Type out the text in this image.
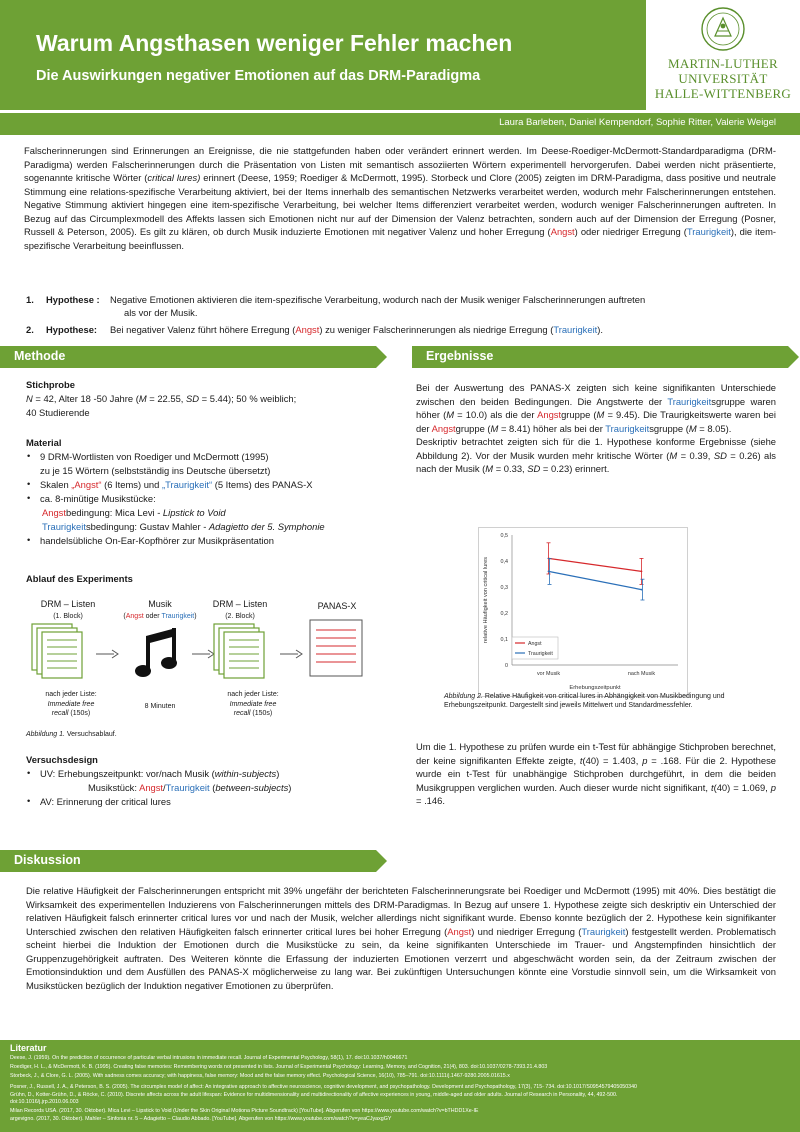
Warum Angsthasen weniger Fehler machen
Die Auswirkungen negativer Emotionen auf das DRM-Paradigma
MARTIN-LUTHER
UNIVERSITÄT
HALLE-WITTENBERG
Laura Barleben, Daniel Kempendorf, Sophie Ritter, Valerie Weigel
Falscherinnerungen sind Erinnerungen an Ereignisse, die nie stattgefunden haben oder verändert erinnert werden. Im Deese-Roediger-McDermott-Standardparadigma (DRM-Paradigma) werden Falscherinnerungen durch die Präsentation von Listen mit semantisch assoziierten Wörtern experimentell hervorgerufen. Dabei werden nicht präsentierte, sogenannte kritische Wörter (critical lures) erinnert (Deese, 1959; Roediger & McDermott, 1995). Storbeck und Clore (2005) zeigten im DRM-Paradigma, dass positive und neutrale Stimmung eine relations-spezifische Verarbeitung aktiviert, bei der Items innerhalb des semantischen Netzwerks verarbeitet werden, wodurch mehr Falscherinnerungen entstehen. Negative Stimmung aktiviert hingegen eine item-spezifische Verarbeitung, bei welcher Items differenziert verarbeitet werden, wodurch weniger Falscherinnerungen auftreten. In Bezug auf das Circumplexmodell des Affekts lassen sich Emotionen nicht nur auf der Dimension der Valenz betrachten, sondern auch auf der Dimension der Erregung (Posner, Russell & Peterson, 2005). Es gilt zu klären, ob durch Musik induzierte Emotionen mit negativer Valenz und hoher Erregung (Angst) oder niedriger Erregung (Traurigkeit), die item-spezifische Verarbeitung beeinflussen.
1. Hypothese : Negative Emotionen aktivieren die item-spezifische Verarbeitung, wodurch nach der Musik weniger Falscherinnerungen auftreten
als vor der Musik.
2. Hypothese: Bei negativer Valenz führt höhere Erregung (Angst) zu weniger Falscherinnerungen als niedrige Erregung (Traurigkeit).
Methode
Stichprobe
N = 42, Alter 18 -50 Jahre (M = 22.55, SD = 5.44); 50 % weiblich;
40 Studierende
Material
• 9 DRM-Wortlisten von Roediger und McDermott (1995)
zu je 15 Wörtern (selbstständig ins Deutsche übersetzt)
• Skalen „Angst“ (6 Items) und „Traurigkeit“ (5 Items) des PANAS-X
• ca. 8-minütige Musikstücke:
Angstbedingung: Mica Levi - Lipstick to Void
Traurigkeitsbedingung: Gustav Mahler - Adagietto der 5. Symphonie
• handelsübliche On-Ear-Kopfhörer zur Musikpräsentation
Ablauf des Experiments
DRM – Listen
(1. Block)
Musik
(Angst oder Traurigkeit)
DRM – Listen
(2. Block)
PANAS-X
nach jeder Liste:
Immediate free
recall (150s)
8 Minuten
nach jeder Liste:
Immediate free
recall (150s)
Abbildung 1. Versuchsablauf.
Versuchsdesign
• UV: Erhebungszeitpunkt: vor/nach Musik (within-subjects)
Musikstück: Angst/Traurigkeit (between-subjects)
• AV: Erinnerung der critical lures
Ergebnisse
Bei der Auswertung des PANAS-X zeigten sich keine signifikanten Unterschiede zwischen den beiden Bedingungen. Die Angstwerte der Traurigkeitsgruppe waren höher (M = 10.0) als die der Angstgruppe (M = 9.45). Die Traurigkeitswerte waren bei der Angstgruppe (M = 8.41) höher als bei der Traurigkeitsgruppe (M = 8.05).
Deskriptiv betrachtet zeigten sich für die 1. Hypothese konforme Ergebnisse (siehe Abbildung 2). Vor der Musik wurden mehr kritische Wörter (M = 0.39, SD = 0.26) als nach der Musik (M = 0.33, SD = 0.23) erinnert.
0
0,1
0,2
0,3
0,4
0,5
vor Musik	nach Musik
relative Häufigkeit von critical lures
Erhebungszeitpunkt
Angst
Traurigkeit
Abbildung 2. Relative Häufigkeit von critical lures in Abhängigkeit von Musikbedingung und Erhebungszeitpunkt. Dargestellt sind jeweils Mittelwert und Standardmessfehler.
Um die 1. Hypothese zu prüfen wurde ein t-Test für abhängige Stichproben berechnet, der keine signifikanten Effekte zeigte, t(40) = 1.403, p = .168. Für die 2. Hypothese wurde ein t-Test für unabhängige Stichproben durchgeführt, in dem die beiden Musikgruppen verglichen wurden. Auch dieser wurde nicht signifikant, t(40) = 1.069, p = .146.
Diskussion
Die relative Häufigkeit der Falscherinnerungen entspricht mit 39% ungefähr der berichteten Falscherinnerungsrate bei Roediger und McDermott (1995) mit 40%. Dies bestätigt die Wirksamkeit des experimentellen Induzierens von Falscherinnerungen mittels des DRM-Paradigmas. In Bezug auf unsere 1. Hypothese zeigte sich deskriptiv ein Unterschied der relativen Häufigkeit falsch erinnerter critical lures vor und nach der Musik, welcher allerdings nicht signifikant wurde. Ebenso konnte bezüglich der 2. Hypothese kein signifikanter Unterschied zwischen den relativen Häufigkeiten falsch erinnerter critical lures bei hoher Erregung (Angst) und niedriger Erregung (Traurigkeit) festgestellt werden. Problematisch scheint hierbei die Induktion der Emotionen durch die Musikstücke zu sein, da keine signifikanten Unterschiede im Trauer- und Angstempfinden hinsichtlich der Gruppenzugehörigkeit auftraten. Des Weiteren könnte die Erfassung der induzierten Emotionen verzerrt und abgeschwächt worden sein, da der Zeitraum zwischen der Emotionsinduktion und dem Ausfüllen des PANAS-X möglicherweise zu lang war. Bei zukünftigen Untersuchungen könnte eine Vorstudie sinnvoll sein, um die Wirksamkeit von Musikstücken bezüglich der Induktion negativer Emotionen zu überprüfen.
Literatur
Deese, J. (1959). On the prediction of occurrence of particular verbal intrusions in immediate recall. Journal of Experimental Psychology, 58(1), 17. doi:10.1037/h0046671
Roediger, H. L., & McDermott, K. B. (1995). Creating false memories: Remembering words not presented in lists. Journal of Experimental Psychology: Learning, Memory, and Cognition, 21(4), 803. doi:10.1037/0278-7393.21.4.803
Storbeck, J., & Clore, G. L. (2005). With sadness comes accuracy; with happiness, false memory: Mood and the false memory effect. Psychological Science, 16(10), 785–791. doi:10.1111/j.1467-9280.2005.01615.x
Posner, J., Russell, J. A., & Peterson, B. S. (2005). The circumplex model of affect: An integrative approach to affective neuroscience, cognitive development, and psychopathology. Development and Psychopathology, 17(3), 715- 734. doi:10.1017/S0954579405050340
Grühn, D., Kotter-Grühn, D., & Röcke, C. (2010). Discrete affects across the adult lifespan: Evidence for multidimensionality and multidirectionality of affective experiences in young, middle-aged and older adults. Journal of Research in Personality, 44, 492-500.
doi:10.1016/j.jrp.2010.06.003
Milan Records USA. (2017, 30. Oktober). Mica Levi – Lipstick to Void (Under the Skin Original Motiona Picture Soundtrack) [YouTube]. Abgerufen von https://www.youtube.com/watch?v=bTHDD1Xe-IE
argevigno. (2017, 30. Oktober). Mahler – Sinfonia nr. 5 – Adagietto – Claudio Abbado. [YouTube]. Abgerufen von https://www.youtube.com/watch?v=yeaCJyaxgGY
